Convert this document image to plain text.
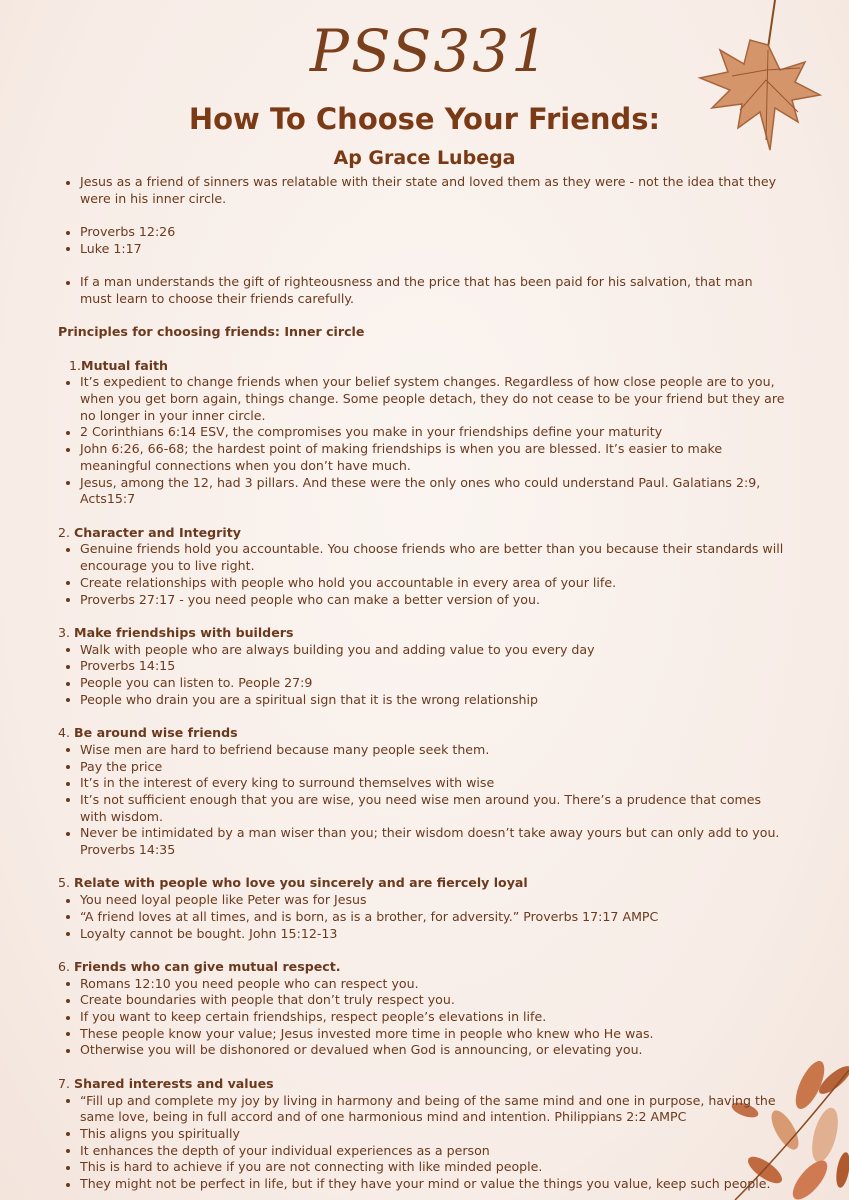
PSS331
How To Choose Your Friends:
Ap Grace Lubega
Jesus as a friend of sinners was relatable with their state and loved them as they were - not the idea that they were in his inner circle.
Proverbs 12:26
Luke 1:17
If a man understands the gift of righteousness and the price that has been paid for his salvation, that man must learn to choose their friends carefully.
Principles for choosing friends: Inner circle
1.Mutual faith
It’s expedient to change friends when your belief system changes. Regardless of how close people are to you, when you get born again, things change. Some people detach, they do not cease to be your friend but they are no longer in your inner circle.
2 Corinthians 6:14 ESV, the compromises you make in your friendships define your maturity
John 6:26, 66-68; the hardest point of making friendships is when you are blessed. It’s easier to make meaningful connections when you don’t have much.
Jesus, among the 12, had 3 pillars. And these were the only ones who could understand Paul. Galatians 2:9, Acts15:7
2. Character and Integrity
Genuine friends hold you accountable. You choose friends who are better than you because their standards will encourage you to live right.
Create relationships with people who hold you accountable in every area of your life.
Proverbs 27:17 - you need people who can make a better version of you.
3. Make friendships with builders
Walk with people who are always building you and adding value to you every day
Proverbs 14:15
People you can listen to. People 27:9
People who drain you are a spiritual sign that it is the wrong relationship
4. Be around wise friends
Wise men are hard to befriend because many people seek them.
Pay the price
It’s in the interest of every king to surround themselves with wise
It’s not sufficient enough that you are wise, you need wise men around you. There’s a prudence that comes with wisdom.
Never be intimidated by a man wiser than you; their wisdom doesn’t take away yours but can only add to you. Proverbs 14:35
5. Relate with people who love you sincerely and are fiercely loyal
You need loyal people like Peter was for Jesus
“A friend loves at all times, and is born, as is a brother, for adversity.” Proverbs 17:17 AMPC
Loyalty cannot be bought. John 15:12-13
6. Friends who can give mutual respect.
Romans 12:10 you need people who can respect you.
Create boundaries with people that don’t truly respect you.
If you want to keep certain friendships, respect people’s elevations in life.
These people know your value; Jesus invested more time in people who knew who He was.
Otherwise you will be dishonored or devalued when God is announcing, or elevating you.
7. Shared interests and values
“Fill up and complete my joy by living in harmony and being of the same mind and one in purpose, having the same love, being in full accord and of one harmonious mind and intention. Philippians 2:2 AMPC
This aligns you spiritually
It enhances the depth of your individual experiences as a person
This is hard to achieve if you are not connecting with like minded people.
They might not be perfect in life, but if they have your mind or value the things you value, keep such people.
